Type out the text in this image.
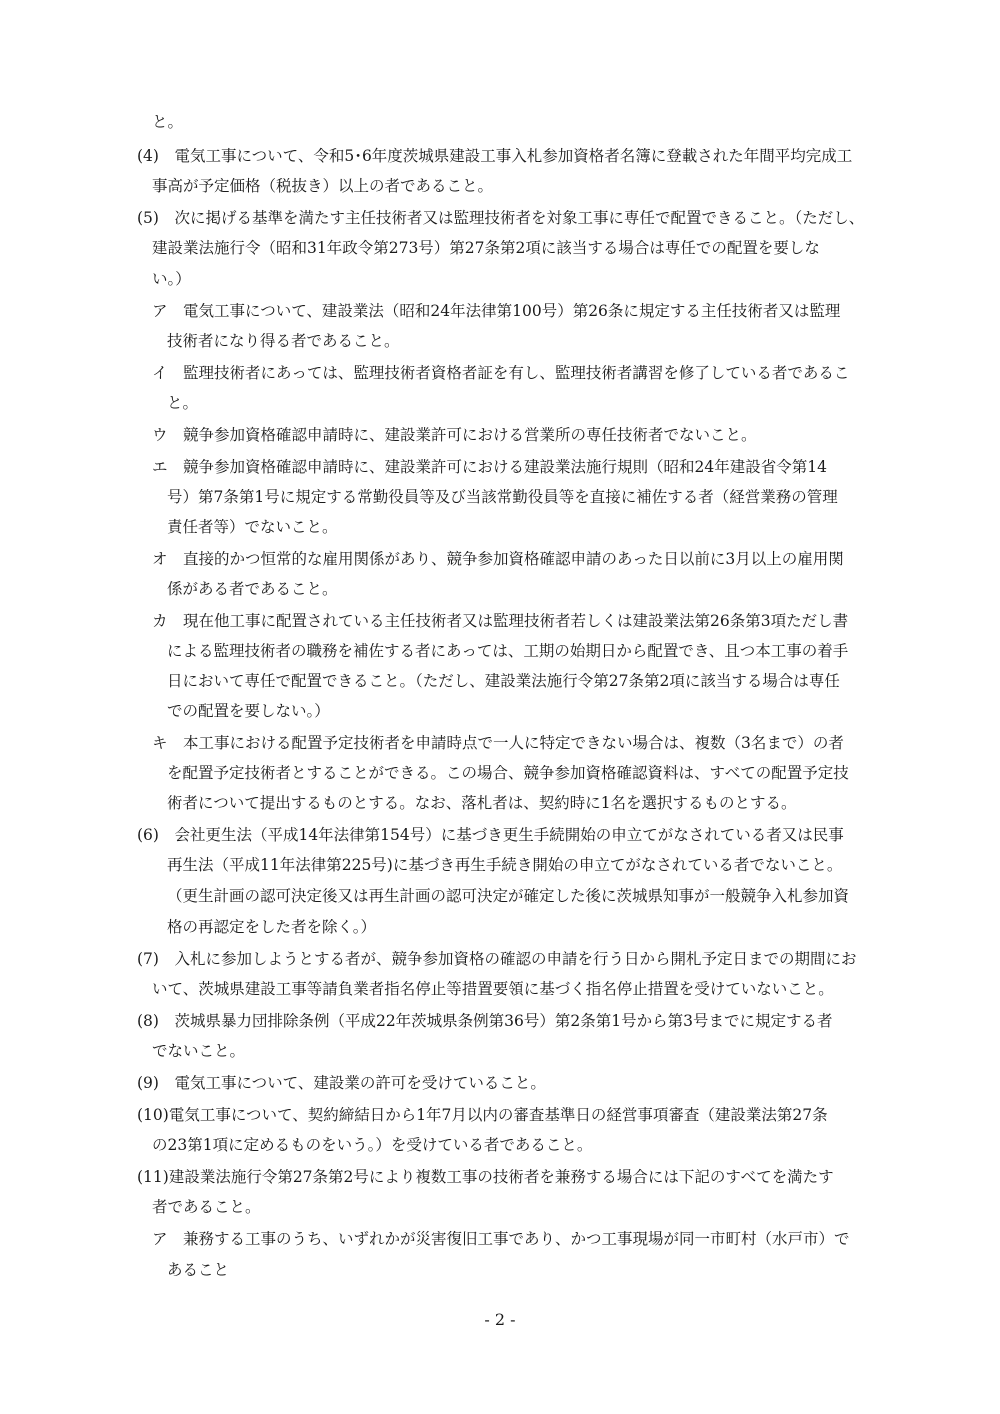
と。
(4)　電気工事について、令和5･6年度茨城県建設工事入札参加資格者名簿に登載された年間平均完成工
事高が予定価格（税抜き）以上の者であること。
(5)　次に掲げる基準を満たす主任技術者又は監理技術者を対象工事に専任で配置できること。（ただし、
建設業法施行令（昭和31年政令第273号）第27条第2項に該当する場合は専任での配置を要しな
い。）
ア　電気工事について、建設業法（昭和24年法律第100号）第26条に規定する主任技術者又は監理
技術者になり得る者であること。
イ　監理技術者にあっては、監理技術者資格者証を有し、監理技術者講習を修了している者であるこ
と。
ウ　競争参加資格確認申請時に、建設業許可における営業所の専任技術者でないこと。
エ　競争参加資格確認申請時に、建設業許可における建設業法施行規則（昭和24年建設省令第14
号）第7条第1号に規定する常勤役員等及び当該常勤役員等を直接に補佐する者（経営業務の管理
責任者等）でないこと。
オ　直接的かつ恒常的な雇用関係があり、競争参加資格確認申請のあった日以前に3月以上の雇用関
係がある者であること。
カ　現在他工事に配置されている主任技術者又は監理技術者若しくは建設業法第26条第3項ただし書
による監理技術者の職務を補佐する者にあっては、工期の始期日から配置でき、且つ本工事の着手
日において専任で配置できること。（ただし、建設業法施行令第27条第2項に該当する場合は専任
での配置を要しない。）
キ　本工事における配置予定技術者を申請時点で一人に特定できない場合は、複数（3名まで）の者
を配置予定技術者とすることができる。この場合、競争参加資格確認資料は、すべての配置予定技
術者について提出するものとする。なお、落札者は、契約時に1名を選択するものとする。
(6)　会社更生法（平成14年法律第154号）に基づき更生手続開始の申立てがなされている者又は民事
再生法（平成11年法律第225号)に基づき再生手続き開始の申立てがなされている者でないこと。
（更生計画の認可決定後又は再生計画の認可決定が確定した後に茨城県知事が一般競争入札参加資
格の再認定をした者を除く。）
(7)　入札に参加しようとする者が、競争参加資格の確認の申請を行う日から開札予定日までの期間にお
いて、茨城県建設工事等請負業者指名停止等措置要領に基づく指名停止措置を受けていないこと。
(8)　茨城県暴力団排除条例（平成22年茨城県条例第36号）第2条第1号から第3号までに規定する者
でないこと。
(9)　電気工事について、建設業の許可を受けていること。
(10)電気工事について、契約締結日から1年7月以内の審査基準日の経営事項審査（建設業法第27条
の23第1項に定めるものをいう。）を受けている者であること。
(11)建設業法施行令第27条第2号により複数工事の技術者を兼務する場合には下記のすべてを満たす
者であること。
ア　兼務する工事のうち、いずれかが災害復旧工事であり、かつ工事現場が同一市町村（水戸市）で
あること
- 2 -
